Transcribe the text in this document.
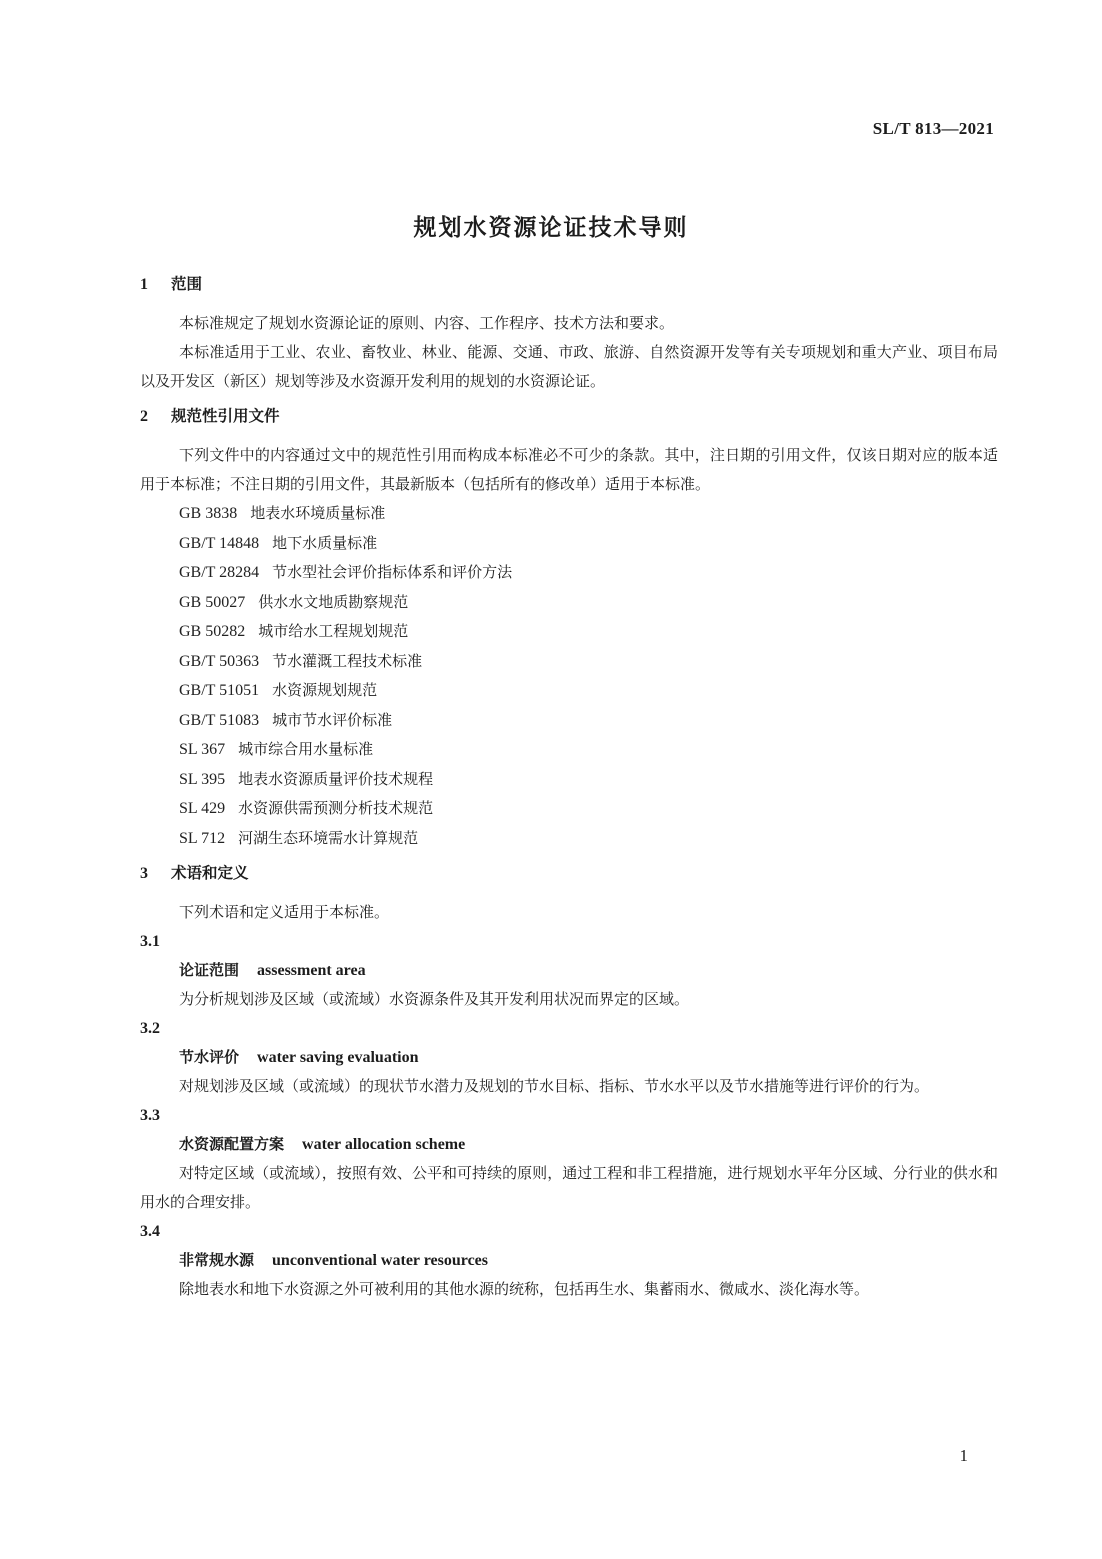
SL/T 813—2021
规划水资源论证技术导则
1 范围
本标准规定了规划水资源论证的原则、内容、工作程序、技术方法和要求。
本标准适用于工业、农业、畜牧业、林业、能源、交通、市政、旅游、自然资源开发等有关专项规划和重大产业、项目布局以及开发区（新区）规划等涉及水资源开发利用的规划的水资源论证。
2 规范性引用文件
下列文件中的内容通过文中的规范性引用而构成本标准必不可少的条款。其中，注日期的引用文件，仅该日期对应的版本适用于本标准；不注日期的引用文件，其最新版本（包括所有的修改单）适用于本标准。
GB 3838 地表水环境质量标准
GB/T 14848 地下水质量标准
GB/T 28284 节水型社会评价指标体系和评价方法
GB 50027 供水水文地质勘察规范
GB 50282 城市给水工程规划规范
GB/T 50363 节水灌溉工程技术标准
GB/T 51051 水资源规划规范
GB/T 51083 城市节水评价标准
SL 367 城市综合用水量标准
SL 395 地表水资源质量评价技术规程
SL 429 水资源供需预测分析技术规范
SL 712 河湖生态环境需水计算规范
3 术语和定义
下列术语和定义适用于本标准。
3.1
论证范围 assessment area
为分析规划涉及区域（或流域）水资源条件及其开发利用状况而界定的区域。
3.2
节水评价 water saving evaluation
对规划涉及区域（或流域）的现状节水潜力及规划的节水目标、指标、节水水平以及节水措施等进行评价的行为。
3.3
水资源配置方案 water allocation scheme
对特定区域（或流域），按照有效、公平和可持续的原则，通过工程和非工程措施，进行规划水平年分区域、分行业的供水和用水的合理安排。
3.4
非常规水源 unconventional water resources
除地表水和地下水资源之外可被利用的其他水源的统称，包括再生水、集蓄雨水、微咸水、淡化海水等。
1
